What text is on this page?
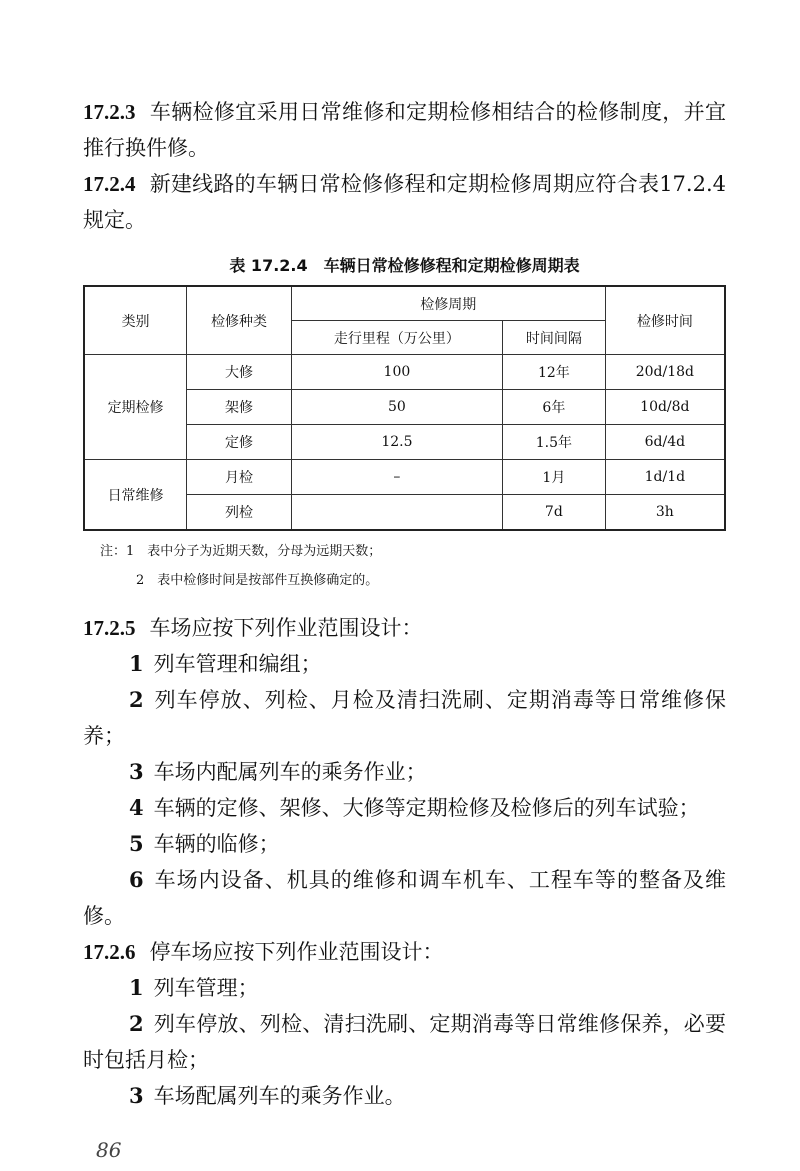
17.2.3 车辆检修宜采用日常维修和定期检修相结合的检修制度，并宜推行换件修。

17.2.4 新建线路的车辆日常检修修程和定期检修周期应符合表17.2.4规定。

表 17.2.4　车辆日常检修修程和定期检修周期表
类别	检修种类	检修周期		检修时间
		走行里程（万公里）	时间间隔	
定期检修	大修	100	12年	20d/18d
	架修	50	6年	10d/8d
	定修	12.5	1.5年	6d/4d
日常维修	月检	–	1月	1d/1d
	列检		7d	3h
注：1　表中分子为近期天数，分母为远期天数；
2　表中检修时间是按部件互换修确定的。

17.2.5 车场应按下列作业范围设计：

1 列车管理和编组；

2 列车停放、列检、月检及清扫洗刷、定期消毒等日常维修保养；

3 车场内配属列车的乘务作业；

4 车辆的定修、架修、大修等定期检修及检修后的列车试验；

5 车辆的临修；

6 车场内设备、机具的维修和调车机车、工程车等的整备及维修。

17.2.6 停车场应按下列作业范围设计：

1 列车管理；

2 列车停放、列检、清扫洗刷、定期消毒等日常维修保养，必要时包括月检；

3 车场配属列车的乘务作业。

86
